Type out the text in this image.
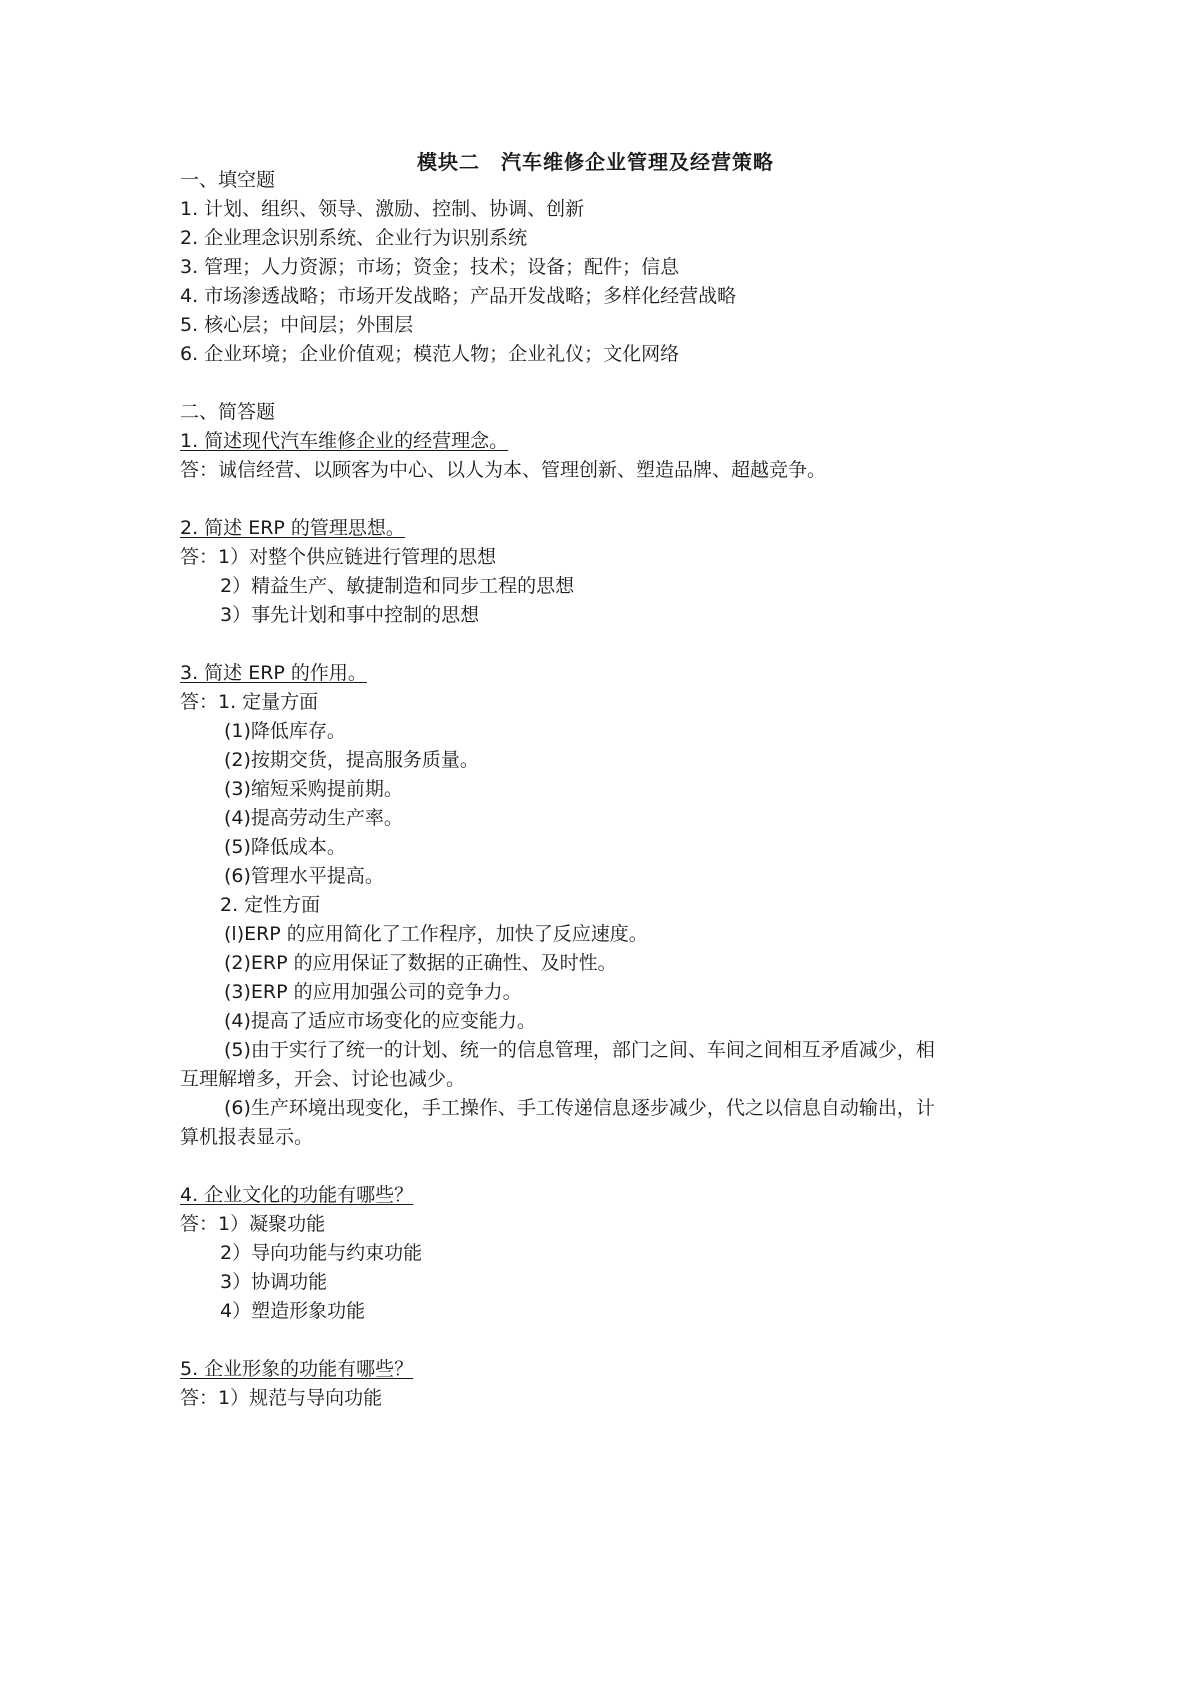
模块二　汽车维修企业管理及经营策略
一、填空题
1. 计划、组织、领导、激励、控制、协调、创新
2. 企业理念识别系统、企业行为识别系统
3. 管理；人力资源；市场；资金；技术；设备；配件；信息
4. 市场渗透战略；市场开发战略；产品开发战略；多样化经营战略
5. 核心层；中间层；外围层
6. 企业环境；企业价值观；模范人物；企业礼仪；文化网络
二、简答题
1. 简述现代汽车维修企业的经营理念。
答：诚信经营、以顾客为中心、以人为本、管理创新、塑造品牌、超越竞争。
2. 简述 ERP 的管理思想。
答：1）对整个供应链进行管理的思想
2）精益生产、敏捷制造和同步工程的思想
3）事先计划和事中控制的思想
3. 简述 ERP 的作用。
答：1. 定量方面
(1)降低库存。
(2)按期交货，提高服务质量。
(3)缩短采购提前期。
(4)提高劳动生产率。
(5)降低成本。
(6)管理水平提高。
2. 定性方面
(l)ERP 的应用简化了工作程序，加快了反应速度。
(2)ERP 的应用保证了数据的正确性、及时性。
(3)ERP 的应用加强公司的竞争力。
(4)提高了适应市场变化的应变能力。
(5)由于实行了统一的计划、统一的信息管理，部门之间、车间之间相互矛盾减少，相
互理解增多，开会、讨论也减少。
(6)生产环境出现变化，手工操作、手工传递信息逐步减少，代之以信息自动输出，计
算机报表显示。
4. 企业文化的功能有哪些？
答：1）凝聚功能
2）导向功能与约束功能
3）协调功能
4）塑造形象功能
5. 企业形象的功能有哪些？
答：1）规范与导向功能
